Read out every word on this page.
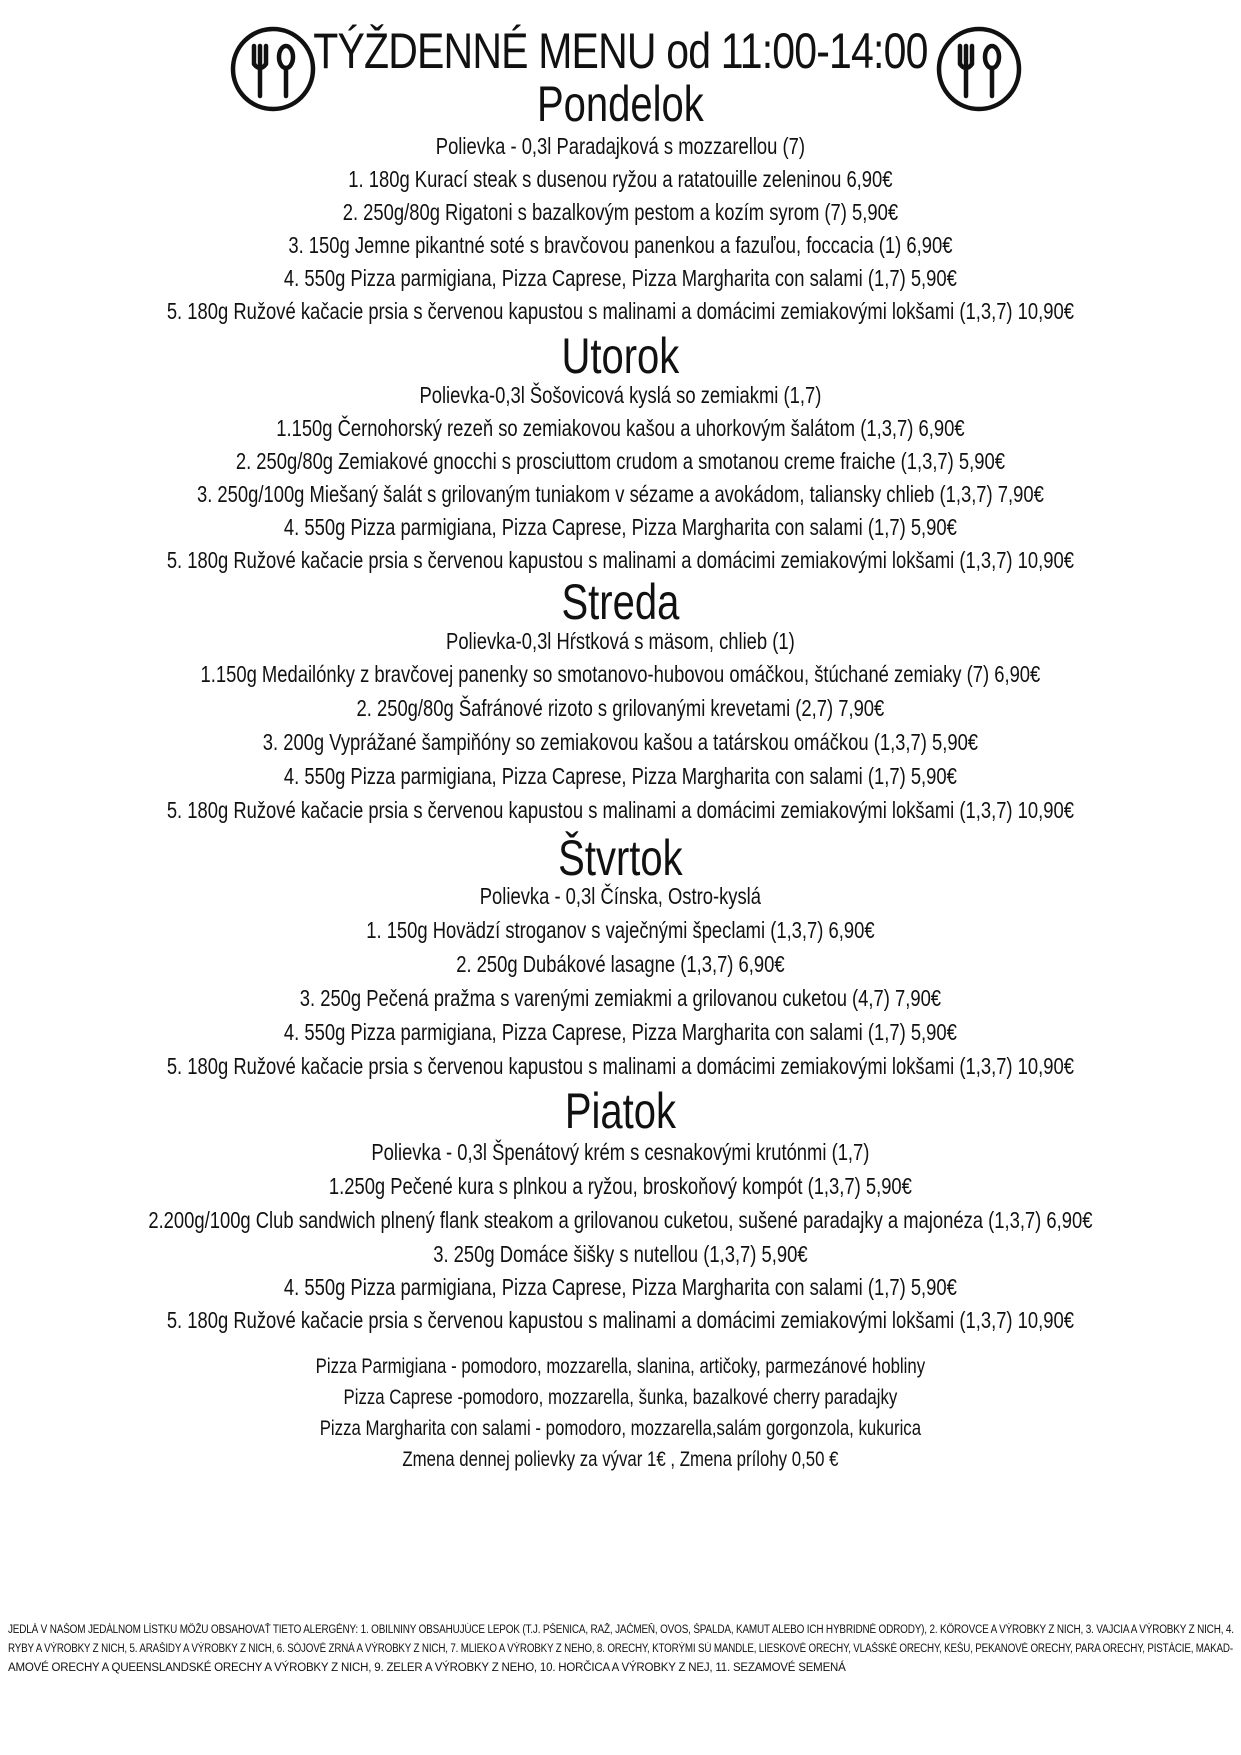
TÝŽDENNÉ MENU od 11:00-14:00
Pondelok
Polievka - 0,3l Paradajková s mozzarellou (7)
1. 180g Kurací steak s dusenou ryžou a ratatouille zeleninou 6,90€
2. 250g/80g Rigatoni s bazalkovým pestom a kozím syrom (7) 5,90€
3. 150g Jemne pikantné soté s bravčovou panenkou a fazuľou, foccacia (1) 6,90€
4. 550g Pizza parmigiana, Pizza Caprese, Pizza Margharita con salami (1,7) 5,90€
5. 180g Ružové kačacie prsia s červenou kapustou s malinami a domácimi zemiakovými lokšami (1,3,7) 10,90€
Utorok
Polievka-0,3l Šošovicová kyslá so zemiakmi (1,7)
1.150g Černohorský rezeň so zemiakovou kašou a uhorkovým šalátom (1,3,7) 6,90€
2. 250g/80g Zemiakové gnocchi s prosciuttom crudom a smotanou creme fraiche (1,3,7) 5,90€
3. 250g/100g Miešaný šalát s grilovaným tuniakom v sézame a avokádom, taliansky chlieb (1,3,7) 7,90€
4. 550g Pizza parmigiana, Pizza Caprese, Pizza Margharita con salami (1,7) 5,90€
5. 180g Ružové kačacie prsia s červenou kapustou s malinami a domácimi zemiakovými lokšami (1,3,7) 10,90€
Streda
Polievka-0,3l Hŕstková s mäsom, chlieb (1)
1.150g Medailónky z bravčovej panenky so smotanovo-hubovou omáčkou, štúchané zemiaky (7) 6,90€
2. 250g/80g Šafránové rizoto s grilovanými krevetami (2,7) 7,90€
3. 200g Vyprážané šampiňóny so zemiakovou kašou a tatárskou omáčkou (1,3,7) 5,90€
4. 550g Pizza parmigiana, Pizza Caprese, Pizza Margharita con salami (1,7) 5,90€
5. 180g Ružové kačacie prsia s červenou kapustou s malinami a domácimi zemiakovými lokšami (1,3,7) 10,90€
Štvrtok
Polievka - 0,3l Čínska, Ostro-kyslá
1. 150g Hovädzí stroganov s vaječnými špeclami (1,3,7) 6,90€
2. 250g Dubákové lasagne (1,3,7) 6,90€
3. 250g Pečená pražma s varenými zemiakmi a grilovanou cuketou (4,7) 7,90€
4. 550g Pizza parmigiana, Pizza Caprese, Pizza Margharita con salami (1,7) 5,90€
5. 180g Ružové kačacie prsia s červenou kapustou s malinami a domácimi zemiakovými lokšami (1,3,7) 10,90€
Piatok
Polievka - 0,3l Špenátový krém s cesnakovými krutónmi (1,7)
1.250g Pečené kura s plnkou a ryžou, broskoňový kompót (1,3,7) 5,90€
2.200g/100g Club sandwich plnený flank steakom a grilovanou cuketou, sušené paradajky a majonéza (1,3,7) 6,90€
3. 250g Domáce šišky s nutellou (1,3,7) 5,90€
4. 550g Pizza parmigiana, Pizza Caprese, Pizza Margharita con salami (1,7) 5,90€
5. 180g Ružové kačacie prsia s červenou kapustou s malinami a domácimi zemiakovými lokšami (1,3,7) 10,90€
Pizza Parmigiana - pomodoro, mozzarella, slanina, artičoky, parmezánové hobliny
Pizza Caprese -pomodoro, mozzarella, šunka, bazalkové cherry paradajky
Pizza Margharita con salami - pomodoro, mozzarella,salám gorgonzola, kukurica
Zmena dennej polievky za vývar 1€ , Zmena prílohy 0,50 €
JEDLÁ V NAŠOM JEDÁLNOM LÍSTKU MÔŽU OBSAHOVAŤ TIETO ALERGÉNY: 1. OBILNINY OBSAHUJÚCE LEPOK (T.J. PŠENICA, RAŽ, JAČMEŇ, OVOS, ŠPALDA, KAMUT ALEBO ICH HYBRIDNÉ ODRODY), 2. KÔROVCE A VÝROBKY Z NICH, 3. VAJCIA A VÝROBKY Z NICH, 4.
RYBY A VÝROBKY Z NICH, 5. ARAŠIDY A VÝROBKY Z NICH, 6. SÓJOVÉ ZRNÁ A VÝROBKY Z NICH, 7. MLIEKO A VÝROBKY Z NEHO, 8. ORECHY, KTORÝMI SÚ MANDLE, LIESKOVÉ ORECHY, VLAŠSKÉ ORECHY, KEŠU, PEKANOVÉ ORECHY, PARA ORECHY, PISTÁCIE, MAKAD-
AMOVÉ ORECHY A QUEENSLANDSKÉ ORECHY A VÝROBKY Z NICH, 9. ZELER A VÝROBKY Z NEHO, 10. HORČICA A VÝROBKY Z NEJ, 11. SEZAMOVÉ SEMENÁ
